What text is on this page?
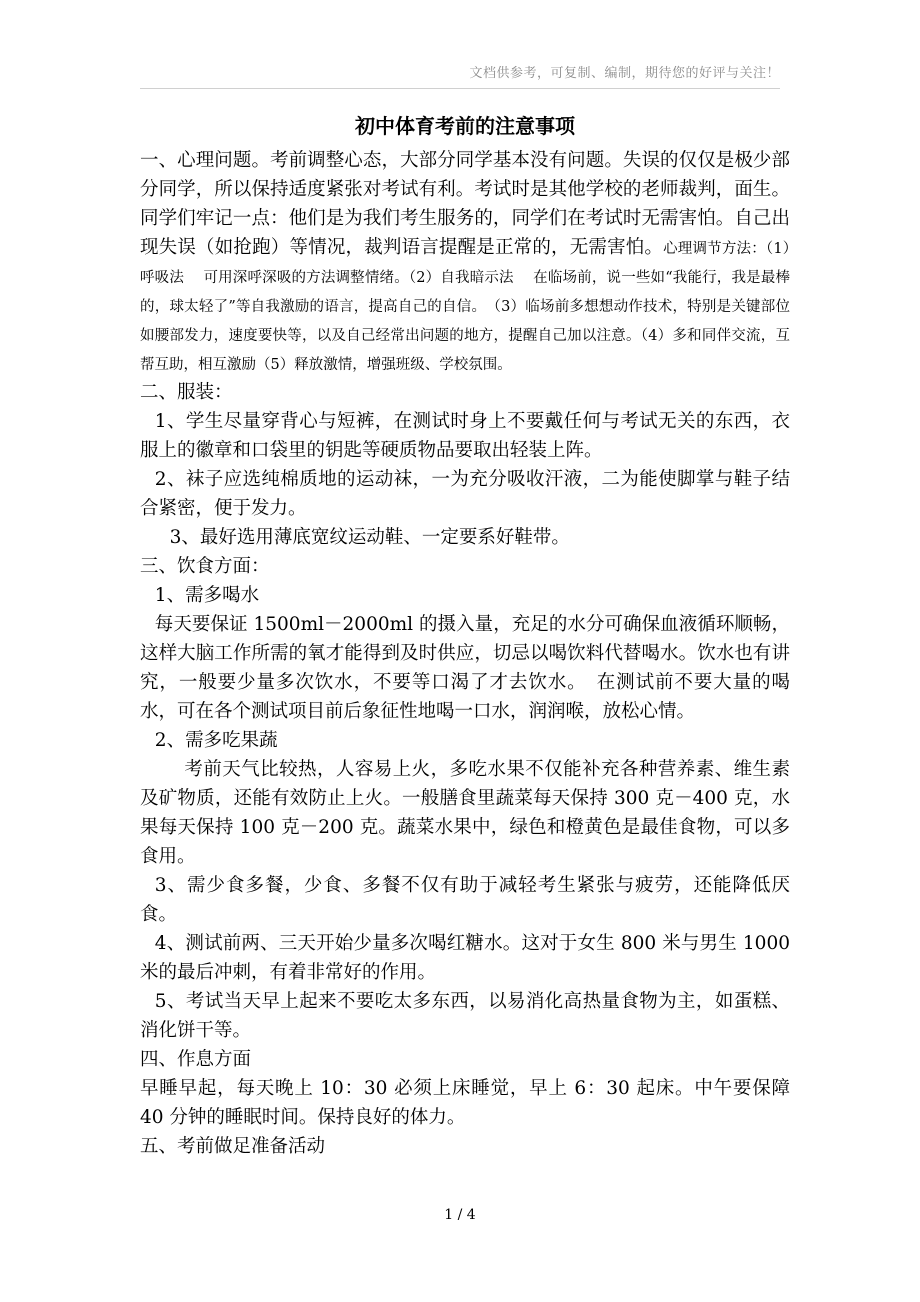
文档供参考，可复制、编制，期待您的好评与关注！
初中体育考前的注意事项

一、心理问题。考前调整心态，大部分同学基本没有问题。失误的仅仅是极少部分同学，所以保持适度紧张对考试有利。考试时是其他学校的老师裁判，面生。同学们牢记一点：他们是为我们考生服务的，同学们在考试时无需害怕。自己出现失误（如抢跑）等情况，裁判语言提醒是正常的，无需害怕。心理调节方法：（1）呼吸法　 可用深呼深吸的方法调整情绪。（2）自我暗示法　 在临场前，说一些如“我能行，我是最棒的，球太轻了”等自我激励的语言，提高自己的自信。　（3）临场前多想想动作技术，特别是关键部位如腰部发力，速度要快等，以及自己经常出问题的地方，提醒自己加以注意。（4）多和同伴交流，互帮互助，相互激励（5）释放激情，增强班级、学校氛围。

二、服装：

1、学生尽量穿背心与短裤，在测试时身上不要戴任何与考试无关的东西，衣服上的徽章和口袋里的钥匙等硬质物品要取出轻装上阵。

2、袜子应选纯棉质地的运动袜，一为充分吸收汗液，二为能使脚掌与鞋子结合紧密，便于发力。

3、最好选用薄底宽纹运动鞋、一定要系好鞋带。

三、饮食方面：

1、需多喝水

每天要保证 1500ml－2000ml 的摄入量，充足的水分可确保血液循环顺畅，这样大脑工作所需的氧才能得到及时供应，切忌以喝饮料代替喝水。饮水也有讲究，一般要少量多次饮水，不要等口渴了才去饮水。　在测试前不要大量的喝水，可在各个测试项目前后象征性地喝一口水，润润喉，放松心情。

2、需多吃果蔬

考前天气比较热，人容易上火，多吃水果不仅能补充各种营养素、维生素及矿物质，还能有效防止上火。一般膳食里蔬菜每天保持 300 克－400 克，水果每天保持 100 克－200 克。蔬菜水果中，绿色和橙黄色是最佳食物，可以多食用。

3、需少食多餐，少食、多餐不仅有助于减轻考生紧张与疲劳，还能降低厌食。

4、测试前两、三天开始少量多次喝红糖水。这对于女生 800 米与男生 1000 米的最后冲刺，有着非常好的作用。

5、考试当天早上起来不要吃太多东西，以易消化高热量食物为主，如蛋糕、消化饼干等。

四、作息方面

早睡早起，每天晚上 10：30 必须上床睡觉，早上 6：30 起床。中午要保障 40 分钟的睡眠时间。保持良好的体力。

五、考前做足准备活动

1 / 4
